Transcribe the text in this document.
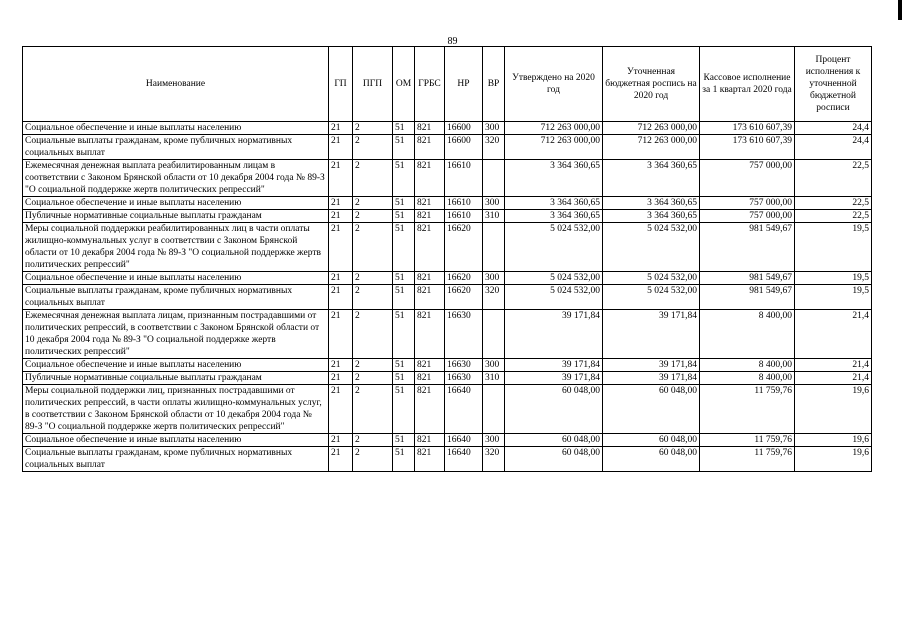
89
Наименование	ГП	ПГП	ОМ	ГРБС	НР	ВР	Утверждено на 2020 год	Уточненная бюджетная роспись на 2020 год	Кассовое исполнение за 1 квартал 2020 года	Процент исполнения к уточненной бюджетной росписи
Социальное обеспечение и иные выплаты населению	21	2	51	821	16600	300	712 263 000,00	712 263 000,00	173 610 607,39	24,4
Социальные выплаты гражданам, кроме публичных нормативных социальных выплат	21	2	51	821	16600	320	712 263 000,00	712 263 000,00	173 610 607,39	24,4
Ежемесячная денежная выплата реабилитированным лицам в соответствии с Законом Брянской области от 10 декабря 2004 года № 89-З "О социальной поддержке жертв политических репрессий"	21	2	51	821	16610		3 364 360,65	3 364 360,65	757 000,00	22,5
Социальное обеспечение и иные выплаты населению	21	2	51	821	16610	300	3 364 360,65	3 364 360,65	757 000,00	22,5
Публичные нормативные социальные выплаты гражданам	21	2	51	821	16610	310	3 364 360,65	3 364 360,65	757 000,00	22,5
Меры социальной поддержки реабилитированных лиц в части оплаты жилищно-коммунальных услуг в соответствии с Законом Брянской области от 10 декабря 2004 года № 89-З "О социальной поддержке жертв политических репрессий"	21	2	51	821	16620		5 024 532,00	5 024 532,00	981 549,67	19,5
Социальное обеспечение и иные выплаты населению	21	2	51	821	16620	300	5 024 532,00	5 024 532,00	981 549,67	19,5
Социальные выплаты гражданам, кроме публичных нормативных социальных выплат	21	2	51	821	16620	320	5 024 532,00	5 024 532,00	981 549,67	19,5
Ежемесячная денежная выплата лицам, признанным пострадавшими от политических репрессий, в соответствии с Законом Брянской области от 10 декабря 2004 года № 89-З "О социальной поддержке жертв политических репрессий"	21	2	51	821	16630		39 171,84	39 171,84	8 400,00	21,4
Социальное обеспечение и иные выплаты населению	21	2	51	821	16630	300	39 171,84	39 171,84	8 400,00	21,4
Публичные нормативные социальные выплаты гражданам	21	2	51	821	16630	310	39 171,84	39 171,84	8 400,00	21,4
Меры социальной поддержки лиц, признанных пострадавшими от политических репрессий, в части оплаты жилищно-коммунальных услуг, в соответствии с Законом Брянской области от 10 декабря 2004 года № 89-З "О социальной поддержке жертв политических репрессий"	21	2	51	821	16640		60 048,00	60 048,00	11 759,76	19,6
Социальное обеспечение и иные выплаты населению	21	2	51	821	16640	300	60 048,00	60 048,00	11 759,76	19,6
Социальные выплаты гражданам, кроме публичных нормативных социальных выплат	21	2	51	821	16640	320	60 048,00	60 048,00	11 759,76	19,6
